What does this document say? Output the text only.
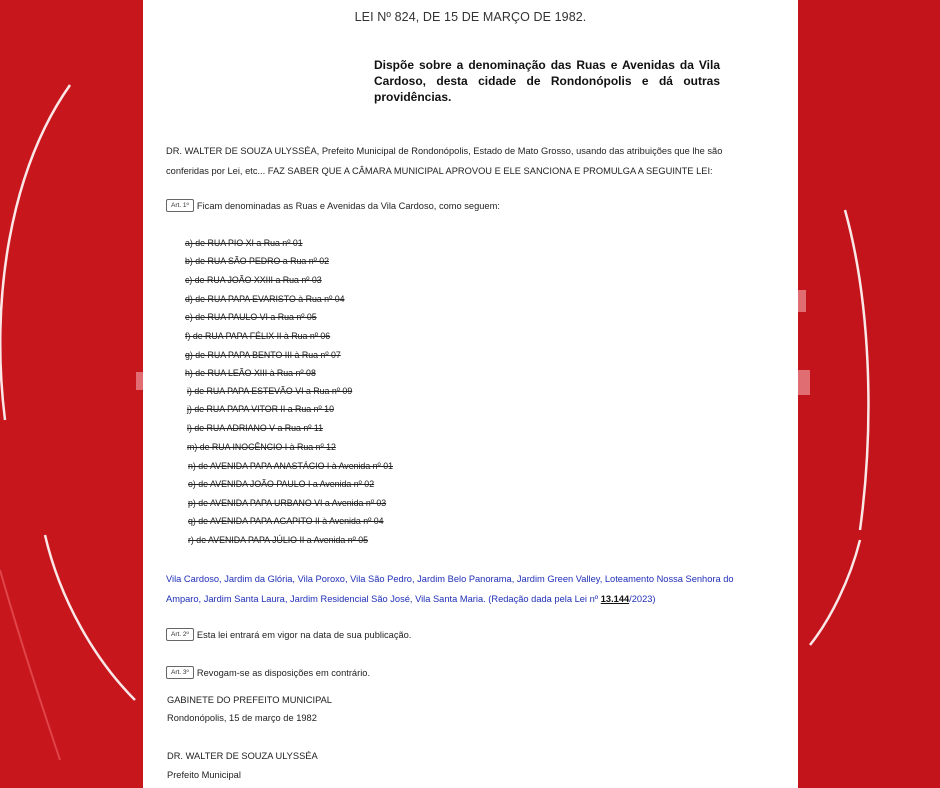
LEI Nº 824, DE 15 DE MARÇO DE 1982.
Dispõe sobre a denominação das Ruas e Avenidas da Vila Cardoso, desta cidade de Rondonópolis e dá outras providências.
DR. WALTER DE SOUZA ULYSSÉA, Prefeito Municipal de Rondonópolis, Estado de Mato Grosso, usando das atribuições que lhe são
conferidas por Lei, etc... FAZ SABER QUE A CÂMARA MUNICIPAL APROVOU E ELE SANCIONA E PROMULGA A SEGUINTE LEI:
Art. 1º Ficam denominadas as Ruas e Avenidas da Vila Cardoso, como seguem:
a) de RUA PIO XI a Rua nº 01
b) de RUA SÃO PEDRO a Rua nº 02
c) de RUA JOÃO XXIII a Rua nº 03
d) de RUA PAPA EVARISTO à Rua nº 04
e) de RUA PAULO VI a Rua nº 05
f) de RUA PAPA FÉLIX II à Rua nº 06
g) de RUA PAPA BENTO III à Rua nº 07
h) de RUA LEÃO XIII à Rua nº 08
i) de RUA PAPA ESTEVÃO VI a Rua nº 09
j) de RUA PAPA VITOR II a Rua nº 10
l) de RUA ADRIANO V a Rua nº 11
m) de RUA INOCÊNCIO I à Rua nº 12
n) de AVENIDA PAPA ANASTÁCIO I à Avenida nº 01
o) de AVENIDA JOÃO PAULO I a Avenida nº 02
p) de AVENIDA PAPA URBANO VI a Avenida nº 03
q) de AVENIDA PAPA AGAPITO II à Avenida nº 04
r) de AVENIDA PAPA JÚLIO II a Avenida nº 05
Vila Cardoso, Jardim da Glória, Vila Poroxo, Vila São Pedro, Jardim Belo Panorama, Jardim Green Valley, Loteamento Nossa Senhora do
Amparo, Jardim Santa Laura, Jardim Residencial São José, Vila Santa Maria. (Redação dada pela Lei nº 13.144/2023)
Art. 2º Esta lei entrará em vigor na data de sua publicação.
Art. 3º Revogam-se as disposições em contrário.
GABINETE DO PREFEITO MUNICIPAL
Rondonópolis, 15 de março de 1982
DR. WALTER DE SOUZA ULYSSÉA
Prefeito Municipal
